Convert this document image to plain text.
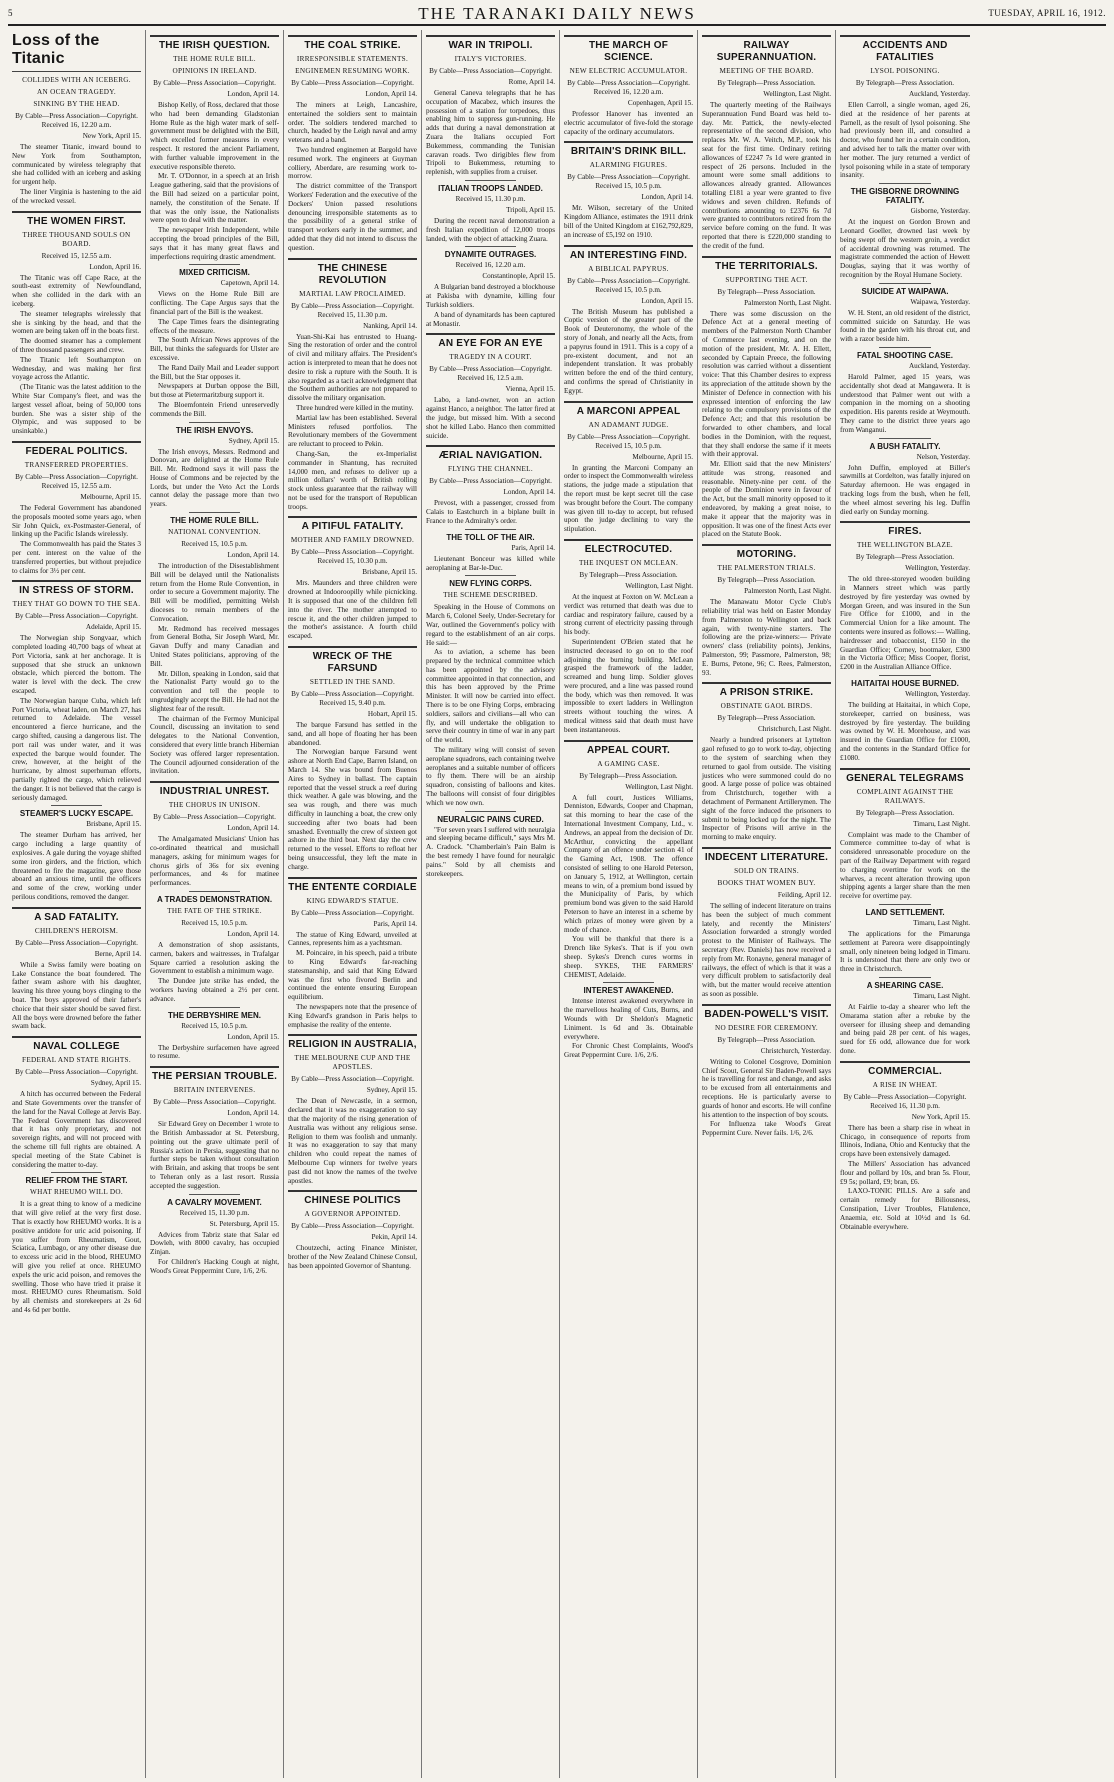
5	THE TARANAKI DAILY NEWS	TUESDAY, APRIL 16, 1912.
Loss of the Titanic
COLLIDES WITH AN ICEBERG.
AN OCEAN TRAGEDY.
SINKING BY THE HEAD.
By Cable—Press Association—Copyright. Received 16, 12.20 a.m.
New York, April 15.

The steamer Titanic, inward bound to New York from Southampton, communicated by wireless telegraphy that she had collided with an iceberg and asking for urgent help.

The liner Virginia is hastening to the aid of the wrecked vessel.

THE WOMEN FIRST.
THREE THOUSAND SOULS ON BOARD.
Received 15, 12.55 a.m.
London, April 16.

The Titanic was off Cape Race, at the south-east extremity of Newfoundland, when she collided in the dark with an iceberg.

The steamer telegraphs wirelessly that she is sinking by the head, and that the women are being taken off in the boats first.

The doomed steamer has a complement of three thousand passengers and crew.

The Titanic left Southampton on Wednesday, and was making her first voyage across the Atlantic.

(The Titanic was the latest addition to the White Star Company's fleet, and was the largest vessel afloat, being of 50,000 tons burden. She was a sister ship of the Olympic, and was supposed to be unsinkable.)

FEDERAL POLITICS.
TRANSFERRED PROPERTIES.
By Cable—Press Association—Copyright. Received 15, 12.55 a.m.
Melbourne, April 15.

The Federal Government has abandoned the proposals mooted some years ago, when Sir John Quick, ex-Postmaster-General, of linking up the Pacific Islands wirelessly.

The Commonwealth has paid the States 3 per cent. interest on the value of the transferred properties, but without prejudice to claims for 3½ per cent.

IN STRESS OF STORM.
THEY THAT GO DOWN TO THE SEA.
By Cable—Press Association—Copyright.
Adelaide, April 15.

The Norwegian ship Songvaar, which completed loading 40,700 bags of wheat at Port Victoria, sank at her anchorage. It is supposed that she struck an unknown obstacle, which pierced the bottom. The water is level with the deck. The crew escaped.

The Norwegian barque Cuba, which left Port Victoria, wheat laden, on March 27, has returned to Adelaide. The vessel encountered a fierce hurricane, and the cargo shifted, causing a dangerous list. The port rail was under water, and it was expected the barque would founder. The crew, however, at the height of the hurricane, by almost superhuman efforts, partially righted the cargo, which relieved the danger. It is not believed that the cargo is seriously damaged.

STEAMER'S LUCKY ESCAPE.
Brisbane, April 15.

The steamer Durham has arrived, her cargo including a large quantity of explosives. A gale during the voyage shifted some iron girders, and the friction, which threatened to fire the magazine, gave those aboard an anxious time, until the officers and some of the crew, working under perilous conditions, removed the danger.

A SAD FATALITY.
CHILDREN'S HEROISM.
By Cable—Press Association—Copyright.
Berne, April 14.

While a Swiss family were boating on Lake Constance the boat foundered. The father swam ashore with his daughter, leaving his three young boys clinging to the boat. The boys approved of their father's choice that their sister should be saved first. All the boys were drowned before the father swam back.

NAVAL COLLEGE
FEDERAL AND STATE RIGHTS.
By Cable—Press Association—Copyright.
Sydney, April 15.

A hitch has occurred between the Federal and State Governments over the transfer of the land for the Naval College at Jervis Bay. The Federal Government has discovered that it has only proprietary, and not sovereign rights, and will not proceed with the scheme till full rights are obtained. A special meeting of the State Cabinet is considering the matter to-day.

RELIEF FROM THE START.
WHAT RHEUMO WILL DO.

It is a great thing to know of a medicine that will give relief at the very first dose. That is exactly how RHEUMO works. It is a positive antidote for uric acid poisoning. If you suffer from Rheumatism, Gout, Sciatica, Lumbago, or any other disease due to excess uric acid in the blood, RHEUMO will give you relief at once. RHEUMO expels the uric acid poison, and removes the swelling. Those who have tried it praise it most. RHEUMO cures Rheumatism. Sold by all chemists and storekeepers at 2s 6d and 4s 6d per bottle.

THE IRISH QUESTION.
THE HOME RULE BILL.
OPINIONS IN IRELAND.
By Cable—Press Association—Copyright.
London, April 14.

Bishop Kelly, of Ross, declared that those who had been demanding Gladstonian Home Rule as the high water mark of self-government must be delighted with the Bill, which excelled former measures in every respect. It restored the ancient Parliament, with further valuable improvement in the executive responsible thereto.

Mr. T. O'Donnor, in a speech at an Irish League gathering, said that the provisions of the Bill had seized on a particular point, namely, the constitution of the Senate. If that was the only issue, the Nationalists were open to deal with the matter.

The newspaper Irish Independent, while accepting the broad principles of the Bill, says that it has many great flaws and imperfections requiring drastic amendment.

MIXED CRITICISM.
Capetown, April 14.

Views on the Home Rule Bill are conflicting. The Cape Argus says that the financial part of the Bill is the weakest.

The Cape Times fears the disintegrating effects of the measure.

The South African News approves of the Bill, but thinks the safeguards for Ulster are excessive.

The Rand Daily Mail and Leader support the Bill, but the Star opposes it.

Newspapers at Durban oppose the Bill, but those at Pietermaritzburg support it.

The Bloemfontein Friend unreservedly commends the Bill.

THE IRISH ENVOYS.
Sydney, April 15.

The Irish envoys, Messrs. Redmond and Donovan, are delighted at the Home Rule Bill. Mr. Redmond says it will pass the House of Commons and be rejected by the Lords, but under the Veto Act the Lords cannot delay the passage more than two years.

THE HOME RULE BILL.
NATIONAL CONVENTION.
Received 15, 10.5 p.m.
London, April 14.

The introduction of the Disestablishment Bill will be delayed until the Nationalists return from the Home Rule Convention, in order to secure a Government majority. The Bill will be modified, permitting Welsh dioceses to remain members of the Convocation.

Mr. Redmond has received messages from General Botha, Sir Joseph Ward, Mr. Gavan Duffy and many Canadian and United States politicians, approving of the Bill.

Mr. Dillon, speaking in London, said that the Nationalist Party would go to the convention and tell the people to ungrudgingly accept the Bill. He had not the slightest fear of the result.

The chairman of the Fermoy Municipal Council, discussing an invitation to send delegates to the National Convention, considered that every little branch Hibernian Society was offered larger representation. The Council adjourned consideration of the invitation.

INDUSTRIAL UNREST.
THE CHORUS IN UNISON.
By Cable—Press Association—Copyright.
London, April 14.

The Amalgamated Musicians' Union has co-ordinated theatrical and musichall managers, asking for minimum wages for chorus girls of 36s for six evening performances, and 4s for matinee performances.

A TRADES DEMONSTRATION.
THE FATE OF THE STRIKE.
Received 15, 10.5 p.m.
London, April 14.

A demonstration of shop assistants, carmen, bakers and waitresses, in Trafalgar Square carried a resolution asking the Government to establish a minimum wage.

The Dundee jute strike has ended, the workers having obtained a 2½ per cent. advance.

THE DERBYSHIRE MEN.
Received 15, 10.5 p.m.
London, April 15.

The Derbyshire surfacemen have agreed to resume.

THE PERSIAN TROUBLE.
BRITAIN INTERVENES.
By Cable—Press Association—Copyright.
London, April 14.

Sir Edward Grey on December 1 wrote to the British Ambassador at St. Petersburg, pointing out the grave ultimate peril of Russia's action in Persia, suggesting that no further steps be taken without consultation with Britain, and asking that troops be sent to Teheran only as a last resort. Russia accepted the suggestion.

A CAVALRY MOVEMENT.
Received 15, 11.30 p.m.
St. Petersburg, April 15.

Advices from Tabriz state that Salar ed Dowleh, with 8000 cavalry, has occupied Zinjan.

For Children's Hacking Cough at night, Wood's Great Peppermint Cure, 1/6, 2/6.

THE COAL STRIKE.
IRRESPONSIBLE STATEMENTS.
ENGINEMEN RESUMING WORK.
By Cable—Press Association—Copyright.
London, April 14.

The miners at Leigh, Lancashire, entertained the soldiers sent to maintain order. The soldiers tendered marched to church, headed by the Leigh naval and army veterans and a band.

Two hundred enginemen at Bargold have resumed work. The engineers at Guyman colliery, Aberdare, are resuming work to-morrow.

The district committee of the Transport Workers' Federation and the executive of the Dockers' Union passed resolutions denouncing irresponsible statements as to the possibility of a general strike of transport workers early in the summer, and added that they did not intend to discuss the question.

THE CHINESE REVOLUTION
MARTIAL LAW PROCLAIMED.
By Cable—Press Association—Copyright. Received 15, 11.30 p.m.
Nanking, April 14.

Yuan-Shi-Kai has entrusted to Huang-Sing the restoration of order and the control of civil and military affairs. The President's action is interpreted to mean that he does not desire to risk a rupture with the South. It is also regarded as a tacit acknowledgment that the Southern authorities are not prepared to dissolve the military organisation.

Three hundred were killed in the mutiny.

Martial law has been established. Several Ministers refused portfolios. The Revolutionary members of the Government are reluctant to proceed to Pekin.

Chang-San, the ex-Imperialist commander in Shantung, has recruited 14,000 men, and refuses to deliver up a million dollars' worth of British rolling stock unless guarantee that the railway will not be used for the transport of Republican troops.

A PITIFUL FATALITY.
MOTHER AND FAMILY DROWNED.
By Cable—Press Association—Copyright. Received 15, 10.30 p.m.
Brisbane, April 15.

Mrs. Maunders and three children were drowned at Indooroopilly while picnicking. It is supposed that one of the children fell into the river. The mother attempted to rescue it, and the other children jumped to the mother's assistance. A fourth child escaped.

WRECK OF THE FARSUND
SETTLED IN THE SAND.
By Cable—Press Association—Copyright. Received 15, 9.40 p.m.
Hobart, April 15.

The barque Farsund has settled in the sand, and all hope of floating her has been abandoned.

The Norwegian barque Farsund went ashore at North End Cape, Barren Island, on March 14. She was bound from Buenos Aires to Sydney in ballast. The captain reported that the vessel struck a reef during thick weather. A gale was blowing, and the sea was rough, and there was much difficulty in launching a boat, the crew only succeeding after two boats had been smashed. Eventually the crew of sixteen got ashore in the third boat. Next day the crew returned to the vessel. Efforts to refloat her being unsuccessful, they left the mate in charge.

THE ENTENTE CORDIALE
KING EDWARD'S STATUE.
By Cable—Press Association—Copyright.
Paris, April 14.

The statue of King Edward, unveiled at Cannes, represents him as a yachtsman.

M. Poincaire, in his speech, paid a tribute to King Edward's far-reaching statesmanship, and said that King Edward was the first who fivored Berlin and continued the entente ensuring European equilibrium.

The newspapers note that the presence of King Edward's grandson in Paris helps to emphasise the reality of the entente.

RELIGION IN AUSTRALIA,
THE MELBOURNE CUP AND THE APOSTLES.
By Cable—Press Association—Copyright.
Sydney, April 15.

The Dean of Newcastle, in a sermon, declared that it was no exaggeration to say that the majority of the rising generation of Australia was without any religious sense. Religion to them was foolish and unmanly. It was no exaggeration to say that many children who could repeat the names of Melbourne Cup winners for twelve years past did not know the names of the twelve apostles.

CHINESE POLITICS
A GOVERNOR APPOINTED.
By Cable—Press Association—Copyright.
Pekin, April 14.

Choutzechi, acting Finance Minister, brother of the New Zealand Chinese Consul, has been appointed Governor of Shantung.

WAR IN TRIPOLI.
ITALY'S VICTORIES.
By Cable—Press Association—Copyright.
Rome, April 14.

General Caneva telegraphs that he has occupation of Macabez, which insures the possession of a station for torpedoes, thus enabling him to suppress gun-running. He adds that during a naval demonstration at Zuara the Italians occupied Fort Bukemmess, commanding the Tunisian caravan roads. Two dirigibles flew from Tripoli to Bukemmess, returning to replenish, with supplies from a cruiser.

ITALIAN TROOPS LANDED.
Received 15, 11.30 p.m.
Tripoli, April 15.

During the recent naval demonstration a fresh Italian expedition of 12,000 troops landed, with the object of attacking Zuara.

DYNAMITE OUTRAGES.
Received 16, 12.20 a.m.
Constantinople, April 15.

A Bulgarian band destroyed a blockhouse at Pakisba with dynamite, killing four Turkish soldiers.

A band of dynamitards has been captured at Monastir.

AN EYE FOR AN EYE
TRAGEDY IN A COURT.
By Cable—Press Association—Copyright. Received 16, 12.5 a.m.
Vienna, April 15.

Labo, a land-owner, won an action against Hanco, a neighbor. The latter fired at the judge, but missed him. With a second shot he killed Labo. Hanco then committed suicide.

ÆRIAL NAVIGATION.
FLYING THE CHANNEL.
By Cable—Press Association—Copyright.
London, April 14.

Prevost, with a passenger, crossed from Calais to Eastchurch in a biplane built in France to the Admiralty's order.

THE TOLL OF THE AIR.
Paris, April 14.

Lieutenant Bonceur was killed while aeroplaning at Bar-le-Duc.

NEW FLYING CORPS.
THE SCHEME DESCRIBED.

Speaking in the House of Commons on March 6, Colonel Seely, Under-Secretary for War, outlined the Government's policy with regard to the establishment of an air corps. He said:—

As to aviation, a scheme has been prepared by the technical committee which has been appointed by the advisory committee appointed in that connection, and this has been approved by the Prime Minister. It will now be carried into effect. There is to be one Flying Corps, embracing soldiers, sailors and civilians—all who can fly, and will undertake the obligation to serve their country in time of war in any part of the world.

The military wing will consist of seven aeroplane squadrons, each containing twelve aeroplanes and a suitable number of officers to fly them. There will be an airship squadron, consisting of balloons and kites. The balloons will consist of four dirigibles which we now own.

NEURALGIC PAINS CURED.

"For seven years I suffered with neuralgia and sleeping became difficult," says Mrs M. A. Cradock. "Chamberlain's Pain Balm is the best remedy I have found for neuralgic pains." Sold by all chemists and storekeepers.

THE MARCH OF SCIENCE.
NEW ELECTRIC ACCUMULATOR.
By Cable—Press Association—Copyright. Received 16, 12.20 a.m.
Copenhagen, April 15.

Professor Hanover has invented an electric accumulator of five-fold the storage capacity of the ordinary accumulators.

BRITAIN'S DRINK BILL.
ALARMING FIGURES.
By Cable—Press Association—Copyright. Received 15, 10.5 p.m.
London, April 14.

Mr. Wilson, secretary of the United Kingdom Alliance, estimates the 1911 drink bill of the United Kingdom at £162,792,829, an increase of £5,192 on 1910.

AN INTERESTING FIND.
A BIBLICAL PAPYRUS.
By Cable—Press Association—Copyright. Received 15, 10.5 p.m.
London, April 15.

The British Museum has published a Coptic version of the greater part of the Book of Deuteronomy, the whole of the story of Jonah, and nearly all the Acts, from a papyrus found in 1911. This is a copy of a pre-existent document, and not an independent translation. It was probably written before the end of the third century, and confirms the spread of Christianity in Egypt.

A MARCONI APPEAL
AN ADAMANT JUDGE.
By Cable—Press Association—Copyright. Received 15, 10.5 p.m.
Melbourne, April 15.

In granting the Marconi Company an order to inspect the Commonwealth wireless stations, the judge made a stipulation that the report must be kept secret till the case was brought before the Court. The company was given till to-day to accept, but refused upon the judge declining to vary the stipulation.

ELECTROCUTED.
THE INQUEST ON MCLEAN.
By Telegraph—Press Association.
Wellington, Last Night.

At the inquest at Foxton on W. McLean a verdict was returned that death was due to cardiac and respiratory failure, caused by a strong current of electricity passing through his body.

Superintendent O'Brien stated that he instructed deceased to go on to the roof adjoining the burning building. McLean grasped the framework of the ladder, screamed and hung limp. Soldier gloves were procured, and a line was passed round the body, which was then removed. It was impossible to exert ladders in Wellington streets without touching the wires. A medical witness said that death must have been instantaneous.

APPEAL COURT.
A GAMING CASE.
By Telegraph—Press Association.
Wellington, Last Night.

A full court, Justices Williams, Denniston, Edwards, Cooper and Chapman, sat this morning to hear the case of the International Investment Company, Ltd., v. Andrews, an appeal from the decision of Dr. McArthur, convicting the appellant Company of an offence under section 41 of the Gaming Act, 1908. The offence consisted of selling to one Harold Peterson, on January 5, 1912, at Wellington, certain means to win, of a premium bond issued by the Municipality of Paris, by which premium bond was given to the said Harold Peterson to have an interest in a scheme by which prizes of money were given by a mode of chance.

You will be thankful that there is a Drench like Sykes's. That is if you own sheep. Sykes's Drench cures worms in sheep. SYKES, THE FARMERS' CHEMIST, Adelaide.

INTEREST AWAKENED.

Intense interest awakened everywhere in the marvellous healing of Cuts, Burns, and Wounds with Dr Sheldon's Magnetic Liniment. 1s 6d and 3s. Obtainable everywhere.

For Chronic Chest Complaints, Wood's Great Peppermint Cure. 1/6, 2/6.

RAILWAY SUPERANNUATION.
MEETING OF THE BOARD.
By Telegraph—Press Association.
Wellington, Last Night.

The quarterly meeting of the Railways Superannuation Fund Board was held to-day. Mr. Pattick, the newly-elected representative of the second division, who replaces Mr. W. A. Veitch, M.P., took his seat for the first time. Ordinary retiring allowances of £2247 7s 1d were granted in respect of 26 persons. Included in the amount were some small additions to allowances already granted. Allowances totalling £181 a year were granted to five widows and seven children. Refunds of contributions amounting to £2376 6s 7d were granted to contributors retired from the service before coming on the fund. It was reported that there is £220,000 standing to the credit of the fund.

THE TERRITORIALS.
SUPPORTING THE ACT.
By Telegraph—Press Association.
Palmerston North, Last Night.

There was some discussion on the Defence Act at a general meeting of members of the Palmerston North Chamber of Commerce last evening, and on the motion of the president, Mr. A. H. Ellett, seconded by Captain Preece, the following resolution was carried without a dissentient voice: That this Chamber desires to express its appreciation of the attitude shown by the Minister of Defence in connection with his expressed intention of enforcing the law relating to the compulsory provisions of the Defence Act; and that this resolution be forwarded to other chambers, and local bodies in the Dominion, with the request, that they shall endorse the same if it meets with their approval.

Mr. Elliott said that the new Ministers' attitude was strong, reasoned and reasonable. Ninety-nine per cent. of the people of the Dominion were in favour of the Act, but the small minority opposed to it endeavored, by making a great noise, to make it appear that the majority was in opposition. It was one of the finest Acts ever placed on the Statute Book.

MOTORING.
THE PALMERSTON TRIALS.
By Telegraph—Press Association.
Palmerston North, Last Night.

The Manawatu Motor Cycle Club's reliability trial was held on Easter Monday from Palmerston to Wellington and back again, with twenty-nine starters. The following are the prize-winners:— Private owners' class (reliability points), Jenkins, Palmerston, 99; Passmore, Palmerston, 98; E. Burns, Petone, 96; C. Rees, Palmerston, 93.

A PRISON STRIKE.
OBSTINATE GAOL BIRDS.
By Telegraph—Press Association.
Christchurch, Last Night.

Nearly a hundred prisoners at Lyttelton gaol refused to go to work to-day, objecting to the system of searching when they returned to gaol from outside. The visiting justices who were summoned could do no good. A large posse of police was obtained from Christchurch, together with a detachment of Permanent Artillerymen. The sight of the force induced the prisoners to submit to being locked up for the night. The Inspector of Prisons will arrive in the morning to make enquiry.

INDECENT LITERATURE.
SOLD ON TRAINS.
BOOKS THAT WOMEN BUY.
Feilding, April 12.

The selling of indecent literature on trains has been the subject of much comment lately, and recently the Ministers' Association forwarded a strongly worded protest to the Minister of Railways. The secretary (Rev. Daniels) has now received a reply from Mr. Ronayne, general manager of railways, the effect of which is that it was a very difficult problem to satisfactorily deal with, but the matter would receive attention as soon as possible.

BADEN-POWELL'S VISIT.
NO DESIRE FOR CEREMONY.
By Telegraph—Press Association.
Christchurch, Yesterday.

Writing to Colonel Cosgrove, Dominion Chief Scout, General Sir Baden-Powell says he is travelling for rest and change, and asks to be excused from all entertainments and receptions. He is particularly averse to guards of honor and escorts. He will confine his attention to the inspection of boy scouts.

For Influenza take Wood's Great Peppermint Cure. Never fails. 1/6, 2/6.

ACCIDENTS AND FATALITIES
LYSOL POISONING.
By Telegraph—Press Association.
Auckland, Yesterday.

Ellen Carroll, a single woman, aged 26, died at the residence of her parents at Parnell, as the result of lysol poisoning. She had previously been ill, and consulted a doctor, who found her in a certain condition, and advised her to talk the matter over with her mother. The jury returned a verdict of lysol poisoning while in a state of temporary insanity.

THE GISBORNE DROWNING FATALITY.
Gisborne, Yesterday.

At the inquest on Gordon Brown and Leonard Goeller, drowned last week by being swept off the western groin, a verdict of accidental drowning was returned. The magistrate commended the action of Hewett Douglas, saying that it was worthy of recognition by the Royal Humane Society.

SUICIDE AT WAIPAWA.
Waipawa, Yesterday.

W. H. Stent, an old resident of the district, committed suicide on Saturday. He was found in the garden with his throat cut, and with a razor beside him.

FATAL SHOOTING CASE.
Auckland, Yesterday.

Harold Palmer, aged 15 years, was accidentally shot dead at Mangawera. It is understood that Palmer went out with a companion in the morning on a shooting expedition. His parents reside at Weymouth. They came to the district three years ago from Wanganui.

A BUSH FATALITY.
Nelson, Yesterday.

John Duffin, employed at Biller's sawmills at Cordelton, was fatally injured on Saturday afternoon. He was engaged in tracking logs from the bush, when he fell, the wheel almost severing his leg. Duffin died early on Sunday morning.

FIRES.
THE WELLINGTON BLAZE.
By Telegraph—Press Association.
Wellington, Yesterday.

The old three-storeyed wooden building in Manners street which was partly destroyed by fire yesterday was owned by Morgan Green, and was insured in the Sun Fire Office for £1000, and in the Commercial Union for a like amount. The contents were insured as follows:— Walling, hairdresser and tobacconist, £150 in the Guardian Office; Corney, bootmaker, £300 in the Victoria Office; Miss Cooper, florist, £200 in the Australian Alliance Office.

HAITAITAI HOUSE BURNED.
Wellington, Yesterday.

The building at Haitaitai, in which Cope, storekeeper, carried on business, was destroyed by fire yesterday. The building was owned by W. H. Morehouse, and was insured in the Guardian Office for £1000, and the contents in the Standard Office for £1080.

GENERAL TELEGRAMS
COMPLAINT AGAINST THE RAILWAYS.
By Telegraph—Press Association.
Timaru, Last Night.

Complaint was made to the Chamber of Commerce committee to-day of what is considered unreasonable procedure on the part of the Railway Department with regard to charging overtime for work on the wharves, a recent alteration throwing upon shipping agents a larger share than the men receive for overtime pay.

LAND SETTLEMENT.
Timaru, Last Night.

The applications for the Pimarunga settlement at Pareora were disappointingly small, only nineteen being lodged in Timaru. It is understood that there are only two or three in Christchurch.

A SHEARING CASE.
Timaru, Last Night.

At Fairlie to-day a shearer who left the Omarama station after a rebuke by the overseer for illusing sheep and demanding and being paid 28 per cent. of his wages, sued for £6 odd, allowance due for work done.

COMMERCIAL.
A RISE IN WHEAT.
By Cable—Press Association—Copyright. Received 16, 11.30 p.m.
New York, April 15.

There has been a sharp rise in wheat in Chicago, in consequence of reports from Illinois, Indiana, Ohio and Kentucky that the crops have been extensively damaged.

The Millers' Association has advanced flour and pollard by 10s, and bran 5s. Flour, £9 5s; pollard, £9; bran, £6.

LAXO-TONIC PILLS. Are a safe and certain remedy for Biliousness, Constipation, Liver Troubles, Flatulence, Anaemia, etc. Sold at 10½d and 1s 6d. Obtainable everywhere.
